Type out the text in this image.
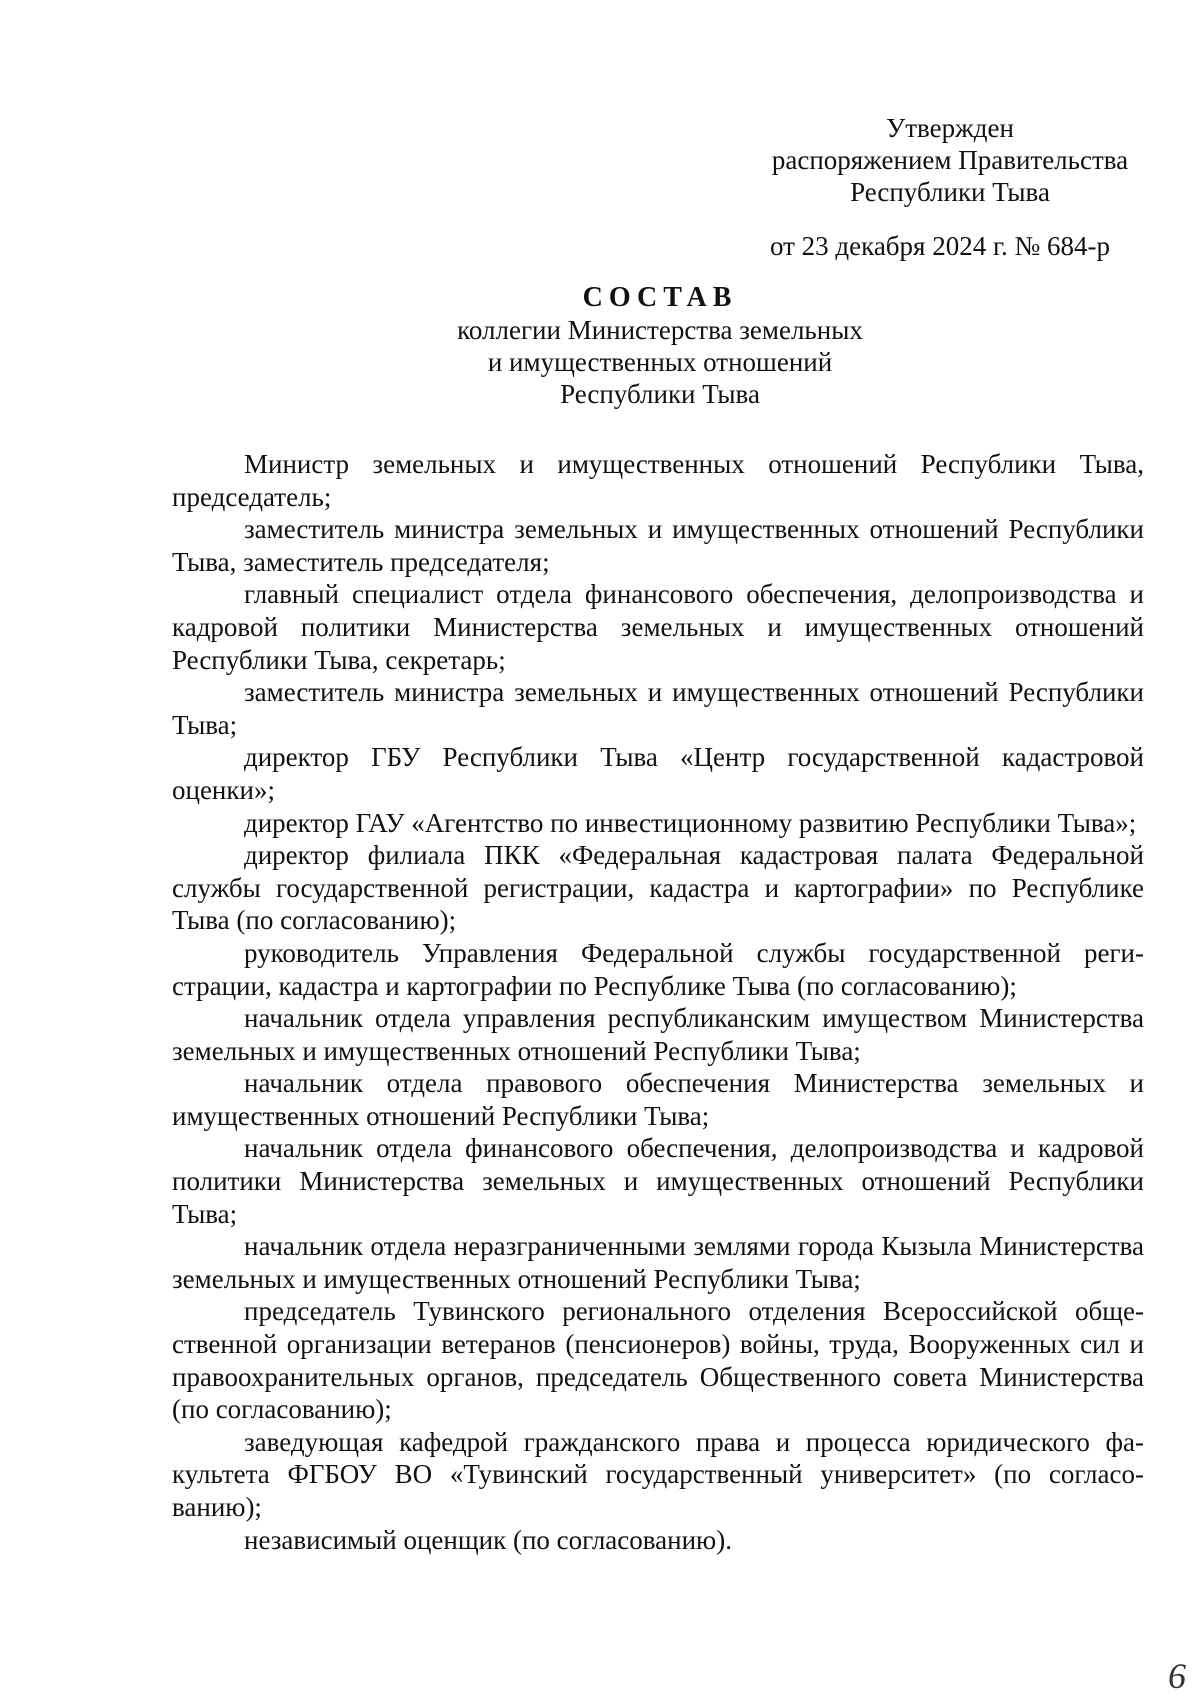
Утвержден
распоряжением Правительства
Республики Тыва
от 23 декабря 2024 г. № 684-р
СОСТАВ
коллегии Министерства земельных
и имущественных отношений
Республики Тыва

Министр земельных и имущественных отношений Республики Тыва, председатель;

заместитель министра земельных и имущественных отношений Республики Тыва, заместитель председателя;

главный специалист отдела финансового обеспечения, делопроизводства и кадровой политики Министерства земельных и имущественных отношений Республики Тыва, секретарь;

заместитель министра земельных и имущественных отношений Республики Тыва;

директор ГБУ Республики Тыва «Центр государственной кадастровой оценки»;

директор ГАУ «Агентство по инвестиционному развитию Республики Тыва»;

директор филиала ПКК «Федеральная кадастровая палата Федеральной службы государственной регистрации, кадастра и картографии» по Республике Тыва (по согласованию);

руководитель Управления Федеральной службы государственной регистрации, кадастра и картографии по Республике Тыва (по согласованию);

начальник отдела управления республиканским имуществом Министерства земельных и имущественных отношений Республики Тыва;

начальник отдела правового обеспечения Министерства земельных и имущественных отношений Республики Тыва;

начальник отдела финансового обеспечения, делопроизводства и кадровой политики Министерства земельных и имущественных отношений Республики Тыва;

начальник отдела неразграниченными землями города Кызыла Министерства земельных и имущественных отношений Республики Тыва;

председатель Тувинского регионального отделения Всероссийской общественной организации ветеранов (пенсионеров) войны, труда, Вооруженных сил и правоохранительных органов, председатель Общественного совета Министерства (по согласованию);

заведующая кафедрой гражданского права и процесса юридического факультета ФГБОУ ВО «Тувинский государственный университет» (по согласованию);

независимый оценщик (по согласованию).

6
